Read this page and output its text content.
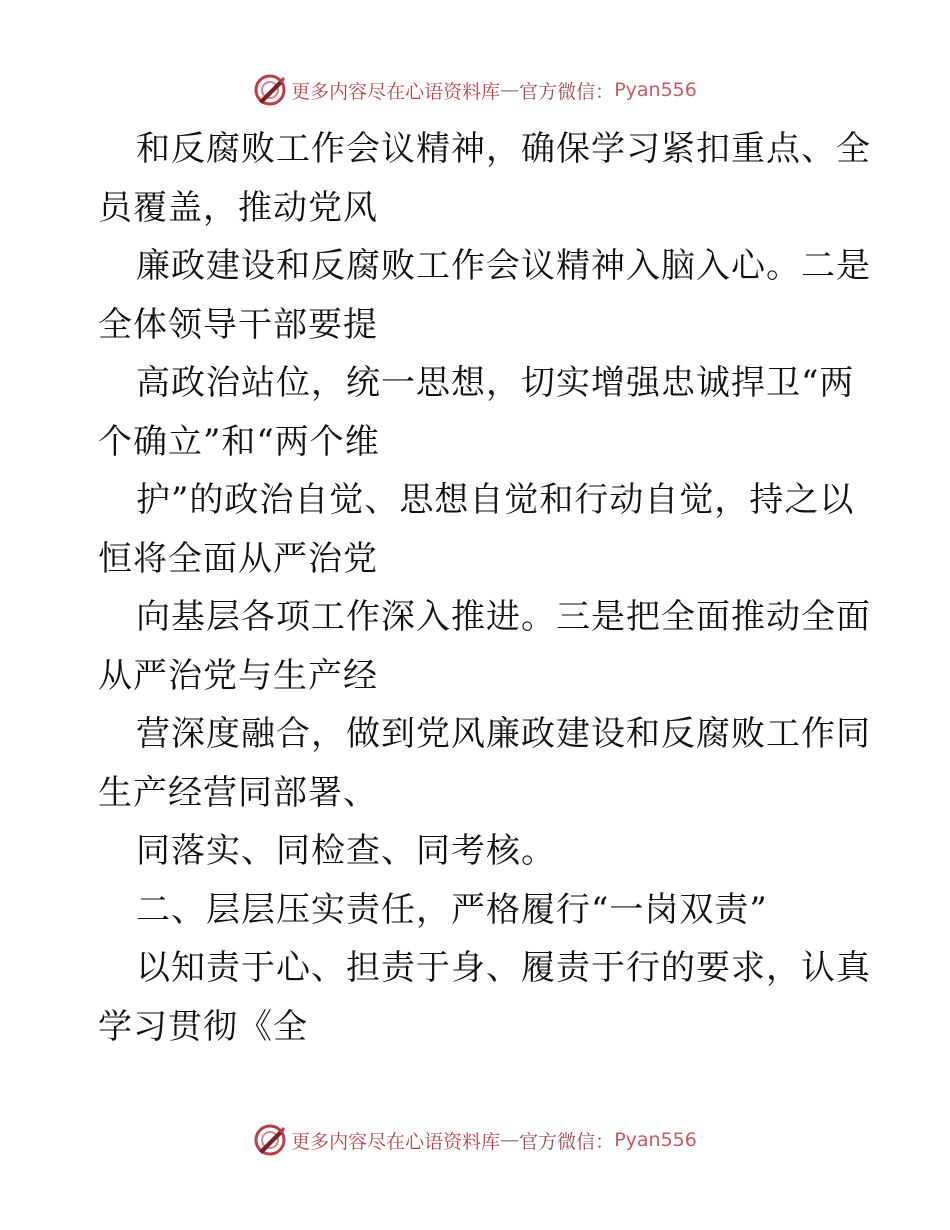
更多内容尽在心语资料库 — 官方微信： Pyan556
和反腐败工作会议精神，确保学习紧扣重点、全
员覆盖，推动党风
廉政建设和反腐败工作会议精神入脑入心。二是
全体领导干部要提
高政治站位，统一思想，切实增强忠诚捍卫“两
个确立”和“两个维
护”的政治自觉、思想自觉和行动自觉，持之以
恒将全面从严治党
向基层各项工作深入推进。三是把全面推动全面
从严治党与生产经
营深度融合，做到党风廉政建设和反腐败工作同
生产经营同部署、
同落实、同检查、同考核。
二、层层压实责任，严格履行“一岗双责”
以知责于心、担责于身、履责于行的要求，认真
学习贯彻《全
更多内容尽在心语资料库 — 官方微信： Pyan556
